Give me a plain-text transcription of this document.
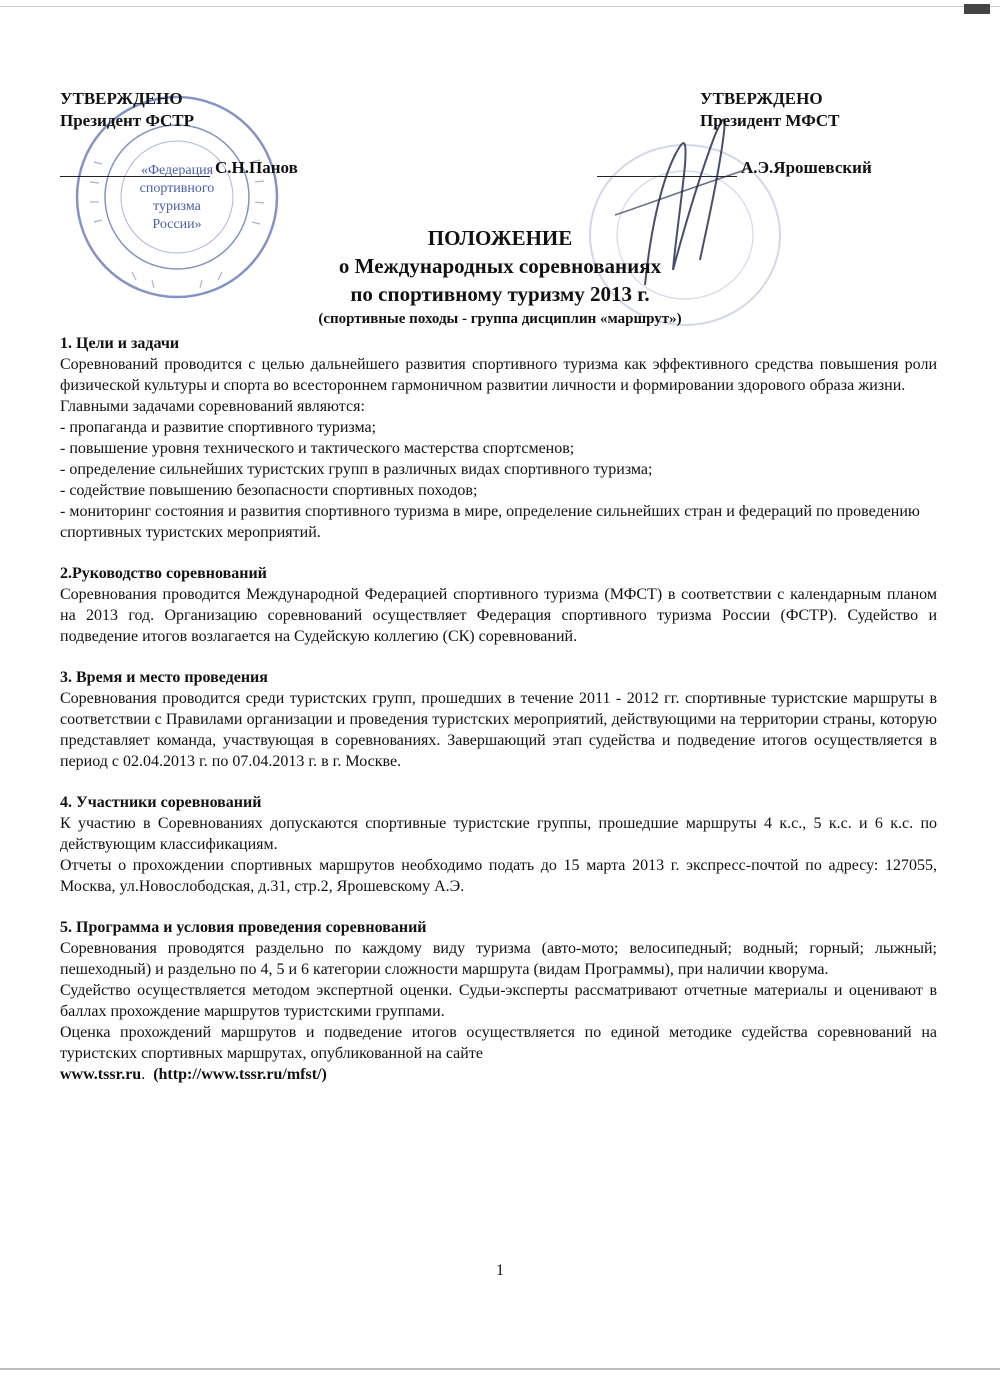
«Федерация
спортивного
туризма
России»
УТВЕРЖДЕНО
Президент ФСТР
С.Н.Панов
УТВЕРЖДЕНО
Президент МФСТ
А.Э.Ярошевский
ПОЛОЖЕНИЕ
о Международных соревнованиях
по спортивному туризму 2013 г.
(спортивные походы - группа дисциплин «маршрут»)

1. Цели и задачи

Соревнований проводится с целью дальнейшего развития спортивного туризма как эффективного средства повышения роли физической культуры и спорта во всестороннем гармоничном развитии личности и формировании здорового образа жизни.

Главными задачами соревнований являются:

- пропаганда и развитие спортивного туризма;

- повышение уровня технического и тактического мастерства спортсменов;

- определение сильнейших туристских групп в различных видах спортивного туризма;

- содействие повышению безопасности спортивных походов;

- мониторинг состояния и развития спортивного туризма в мире, определение сильнейших стран и федераций по проведению спортивных туристских мероприятий.

2.Руководство соревнований

Соревнования проводится Международной Федерацией спортивного туризма (МФСТ) в соответствии с календарным планом на 2013 год. Организацию соревнований осуществляет Федерация спортивного туризма России (ФСТР). Судейство и подведение итогов возлагается на Судейскую коллегию (СК) соревнований.

3. Время и место проведения

Соревнования проводится среди туристских групп, прошедших в течение 2011 - 2012 гг. спортивные туристские маршруты в соответствии с Правилами организации и проведения туристских мероприятий, действующими на территории страны, которую представляет команда, участвующая в соревнованиях. Завершающий этап судейства и подведение итогов осуществляется в период с 02.04.2013 г. по 07.04.2013 г. в г. Москве.

4. Участники соревнований

К участию в Соревнованиях допускаются спортивные туристские группы, прошедшие маршруты 4 к.с., 5 к.с. и 6 к.с. по действующим классификациям.

Отчеты о прохождении спортивных маршрутов необходимо подать до 15 марта 2013 г. экспресс-почтой по адресу: 127055, Москва, ул.Новослободская, д.31, стр.2, Ярошевскому А.Э.

5. Программа и условия проведения соревнований

Соревнования проводятся раздельно по каждому виду туризма (авто-мото; велосипедный; водный; горный; лыжный; пешеходный) и раздельно по 4, 5 и 6 категории сложности маршрута (видам Программы), при наличии кворума.

Судейство осуществляется методом экспертной оценки. Судьи-эксперты рассматривают отчетные материалы и оценивают в баллах прохождение маршрутов туристскими группами.

Оценка прохождений маршрутов и подведение итогов осуществляется по единой методике судейства соревнований на туристских спортивных маршрутах, опубликованной на сайте

www.tssr.ru.  (http://www.tssr.ru/mfst/)

1
